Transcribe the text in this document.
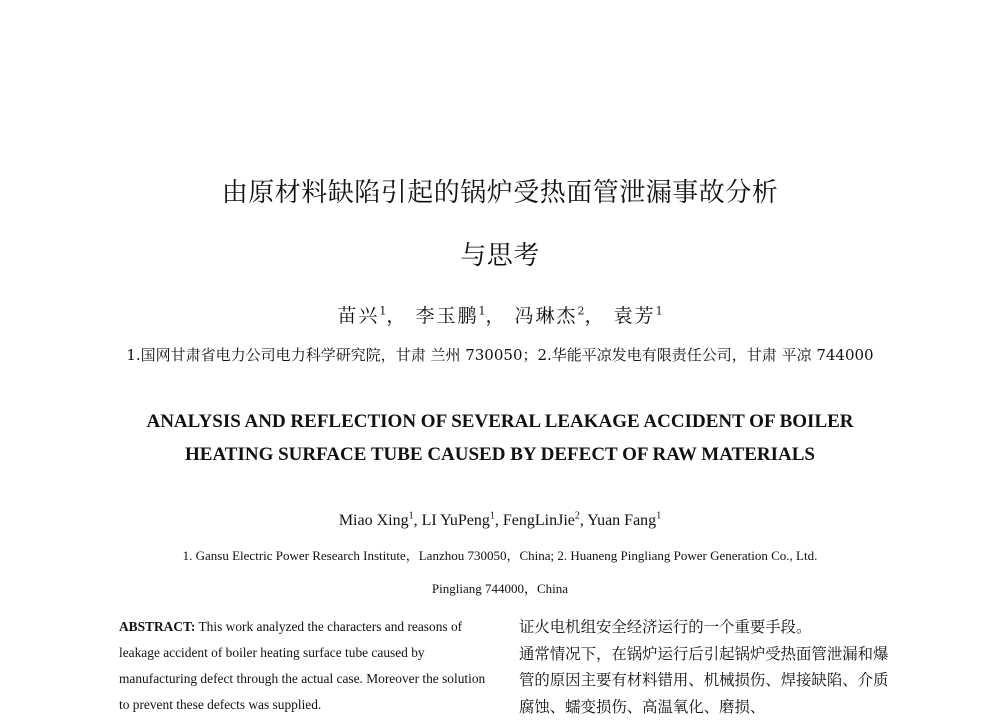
由原材料缺陷引起的锅炉受热面管泄漏事故分析
与思考
苗兴$^1$， 李玉鹏$^1$， 冯琳杰$^2$， 袁芳$^1$
1.国网甘肃省电力公司电力科学研究院，甘肃 兰州 730050；2.华能平凉发电有限责任公司，甘肃 平凉 744000
ANALYSIS AND REFLECTION OF SEVERAL LEAKAGE ACCIDENT OF BOILER HEATING SURFACE TUBE CAUSED BY DEFECT OF RAW MATERIALS
Miao Xing$^1$, LI YuPeng$^1$, FengLinJie$^2$, Yuan Fang$^1$
1. Gansu Electric Power Research Institute，Lanzhou 730050，China; 2. Huaneng Pingliang Power Generation Co., Ltd.
Pingliang 744000，China
ABSTRACT: This work analyzed the characters and reasons of leakage accident of boiler heating surface tube caused by manufacturing defect through the actual case. Moreover the solution to prevent these defects was supplied.

证火电机组安全经济运行的一个重要手段。

通常情况下，在锅炉运行后引起锅炉受热面管泄漏和爆管的原因主要有材料错用、机械损伤、焊接缺陷、介质腐蚀、蠕变损伤、高温氧化、磨损、
